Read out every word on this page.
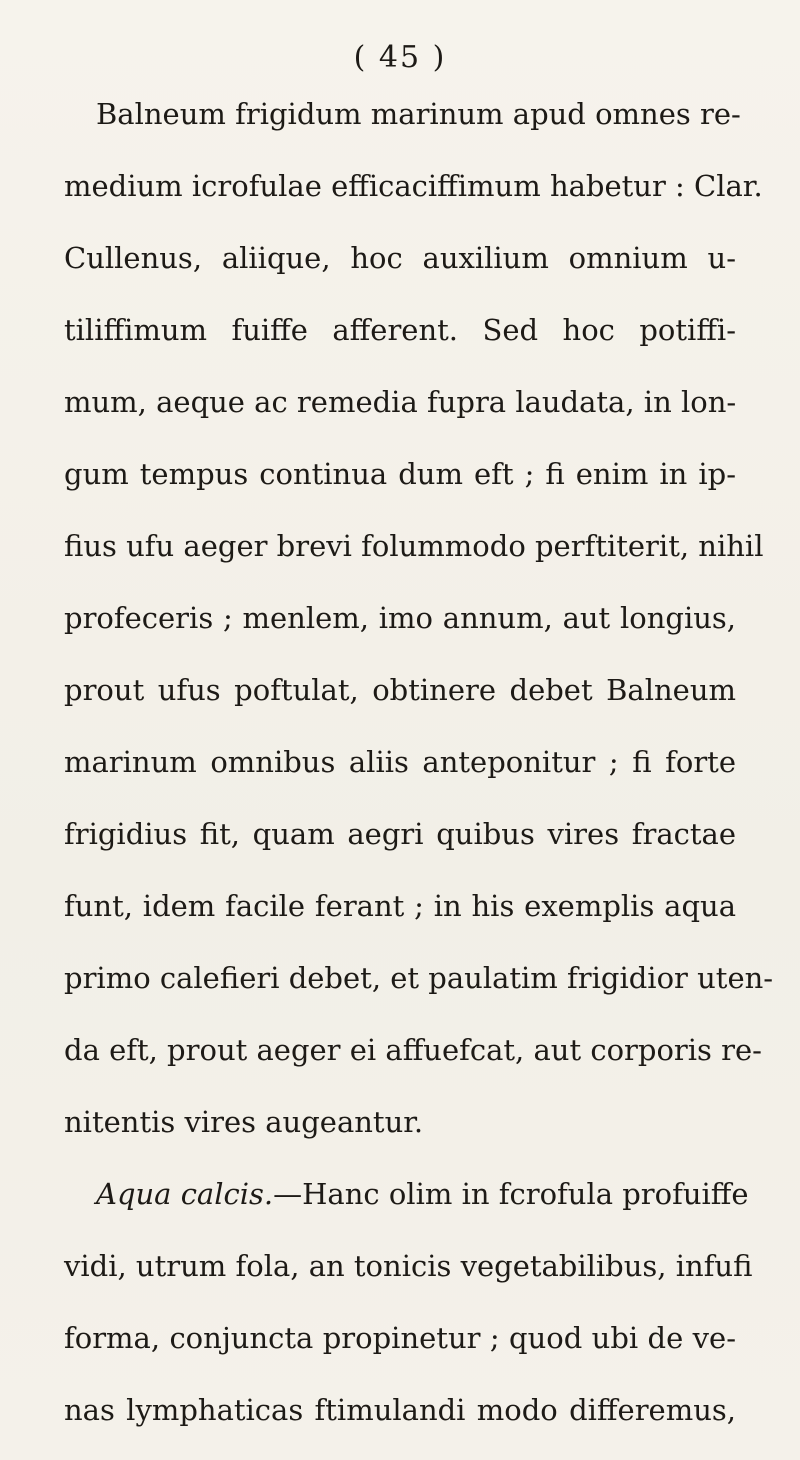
( 45 )
Balneum frigidum marinum apud omnes re-
medium icrofulae efficaciffimum habetur : Clar.
Cullenus, aliique, hoc auxilium omnium u-
tiliffimum fuiffe afferent. Sed hoc potiffi-
mum, aeque ac remedia fupra laudata, in lon-
gum tempus continua dum eft ; fi enim in ip-
fius ufu aeger brevi folummodo perftiterit, nihil
profeceris ; menlem, imo annum, aut longius,
prout ufus poftulat, obtinere debet Balneum
marinum omnibus aliis anteponitur ; fi forte
frigidius fit, quam aegri quibus vires fractae
funt, idem facile ferant ; in his exemplis aqua
primo calefieri debet, et paulatim frigidior uten-
da eft, prout aeger ei affuefcat, aut corporis re-
nitentis vires augeantur.
Aqua calcis.—Hanc olim in fcrofula profuiffe
vidi, utrum fola, an tonicis vegetabilibus, infufi
forma, conjuncta propinetur ; quod ubi de ve-
nas lymphaticas ftimulandi modo differemus,
